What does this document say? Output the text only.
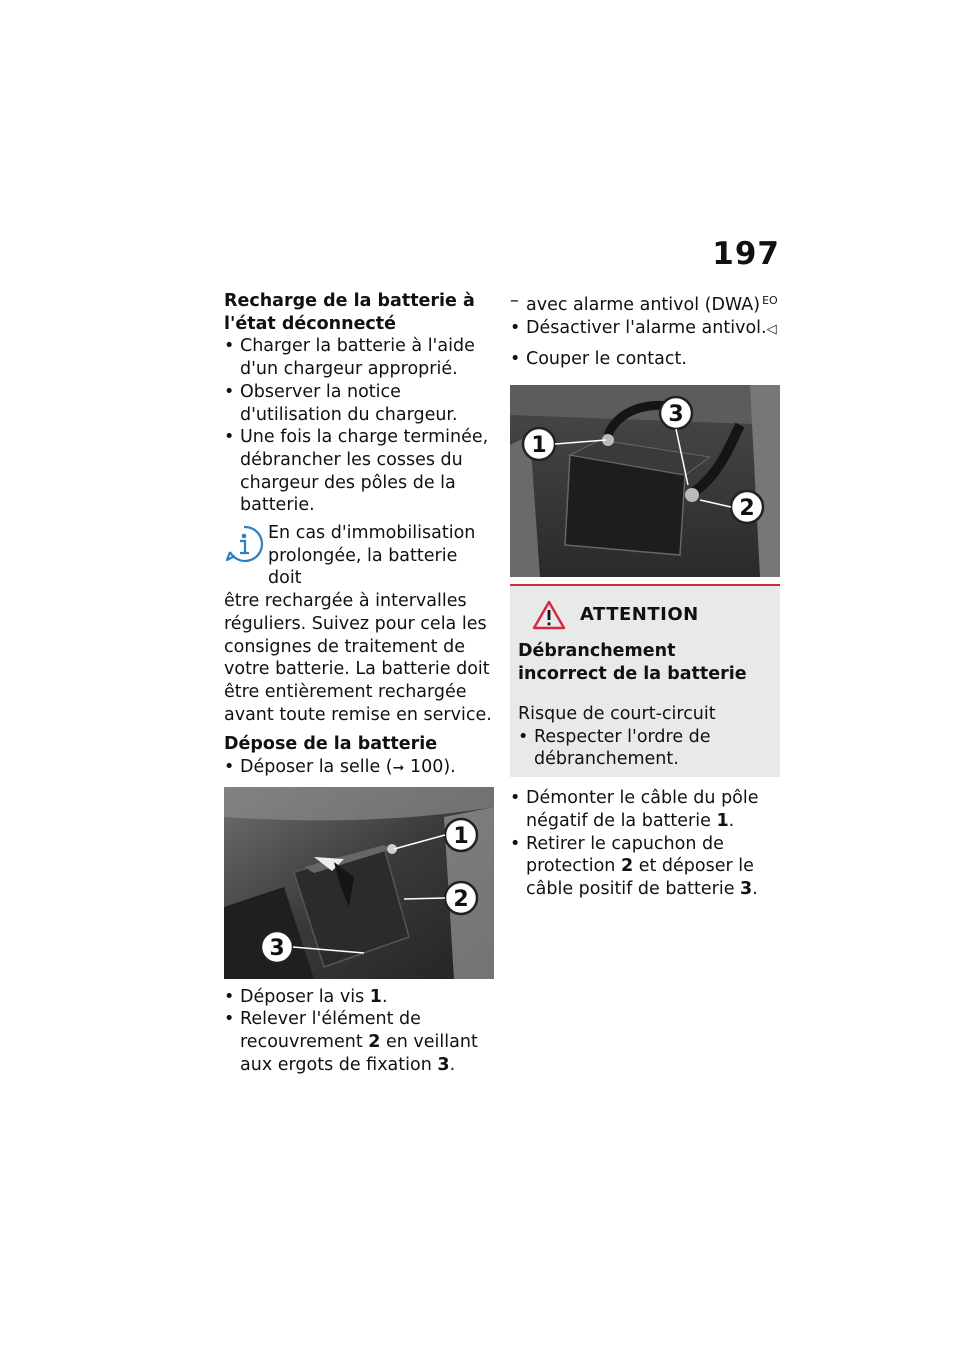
197

Recharge de la batterie à l'état déconnecté

• Charger la batterie à l'aide d'un chargeur approprié.

• Observer la notice d'utilisation du chargeur.

• Une fois la charge terminée, débrancher les cosses du chargeur des pôles de la batterie.

En cas d'immobilisation prolongée, la batterie doit

être rechargée à intervalles réguliers. Suivez pour cela les consignes de traitement de votre batterie. La batterie doit être entièrement rechargée avant toute remise en service.

Dépose de la batterie

• Déposer la selle (➞ 100).

1
2
3

• Déposer la vis 1.

• Relever l'élément de recouvrement 2 en veillant aux ergots de fixation 3.

– avec alarme antivol (DWA) $^{EO}$

• Désactiver l'alarme antivol.◁

• Couper le contact.

1
3
2
ATTENTION

Débranchement incorrect de la batterie

Risque de court-circuit

• Respecter l'ordre de débranchement.

• Démonter le câble du pôle négatif de la batterie 1.

• Retirer le capuchon de protection 2 et déposer le câble positif de batterie 3.
